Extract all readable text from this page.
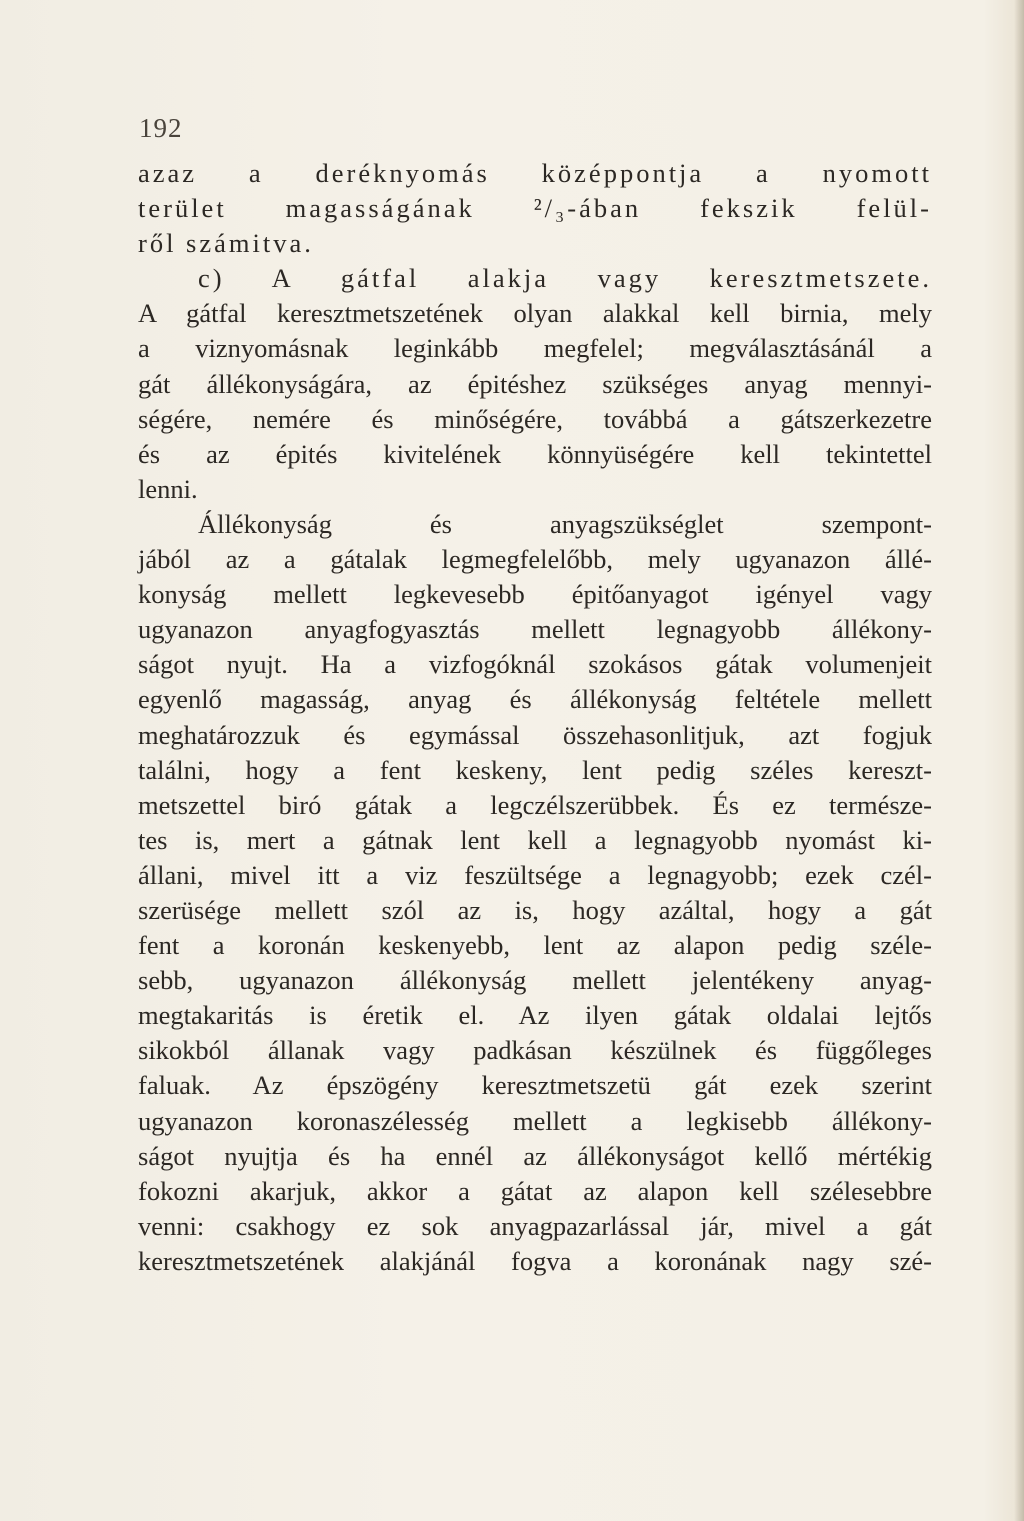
192
azaz a deréknyomás középpontja a nyomott
terület magasságának ²/₃-ában fekszik felül-
ről számitva.
c) A gátfal alakja vagy keresztmetszete.
A gátfal keresztmetszetének olyan alakkal kell birnia, mely
a viznyomásnak leginkább megfelel; megválasztásánál a
gát állékonyságára, az épitéshez szükséges anyag mennyi-
ségére, nemére és minőségére, továbbá a gátszerkezetre
és az épités kivitelének könnyüségére kell tekintettel
lenni.
Állékonyság és anyagszükséglet szempont-
jából az a gátalak legmegfelelőbb, mely ugyanazon állé-
konyság mellett legkevesebb épitőanyagot igényel vagy
ugyanazon anyagfogyasztás mellett legnagyobb állékony-
ságot nyujt. Ha a vizfogóknál szokásos gátak volumenjeit
egyenlő magasság, anyag és állékonyság feltétele mellett
meghatározzuk és egymással összehasonlitjuk, azt fogjuk
találni, hogy a fent keskeny, lent pedig széles kereszt-
metszettel biró gátak a legczélszerübbek. És ez természe-
tes is, mert a gátnak lent kell a legnagyobb nyomást ki-
állani, mivel itt a viz feszültsége a legnagyobb; ezek czél-
szerüsége mellett szól az is, hogy azáltal, hogy a gát
fent a koronán keskenyebb, lent az alapon pedig széle-
sebb, ugyanazon állékonyság mellett jelentékeny anyag-
megtakaritás is éretik el. Az ilyen gátak oldalai lejtős
sikokból állanak vagy padkásan készülnek és függőleges
faluak. Az épszögény keresztmetszetü gát ezek szerint
ugyanazon koronaszélesség mellett a legkisebb állékony-
ságot nyujtja és ha ennél az állékonyságot kellő mértékig
fokozni akarjuk, akkor a gátat az alapon kell szélesebbre
venni: csakhogy ez sok anyagpazarlással jár, mivel a gát
keresztmetszetének alakjánál fogva a koronának nagy szé-
